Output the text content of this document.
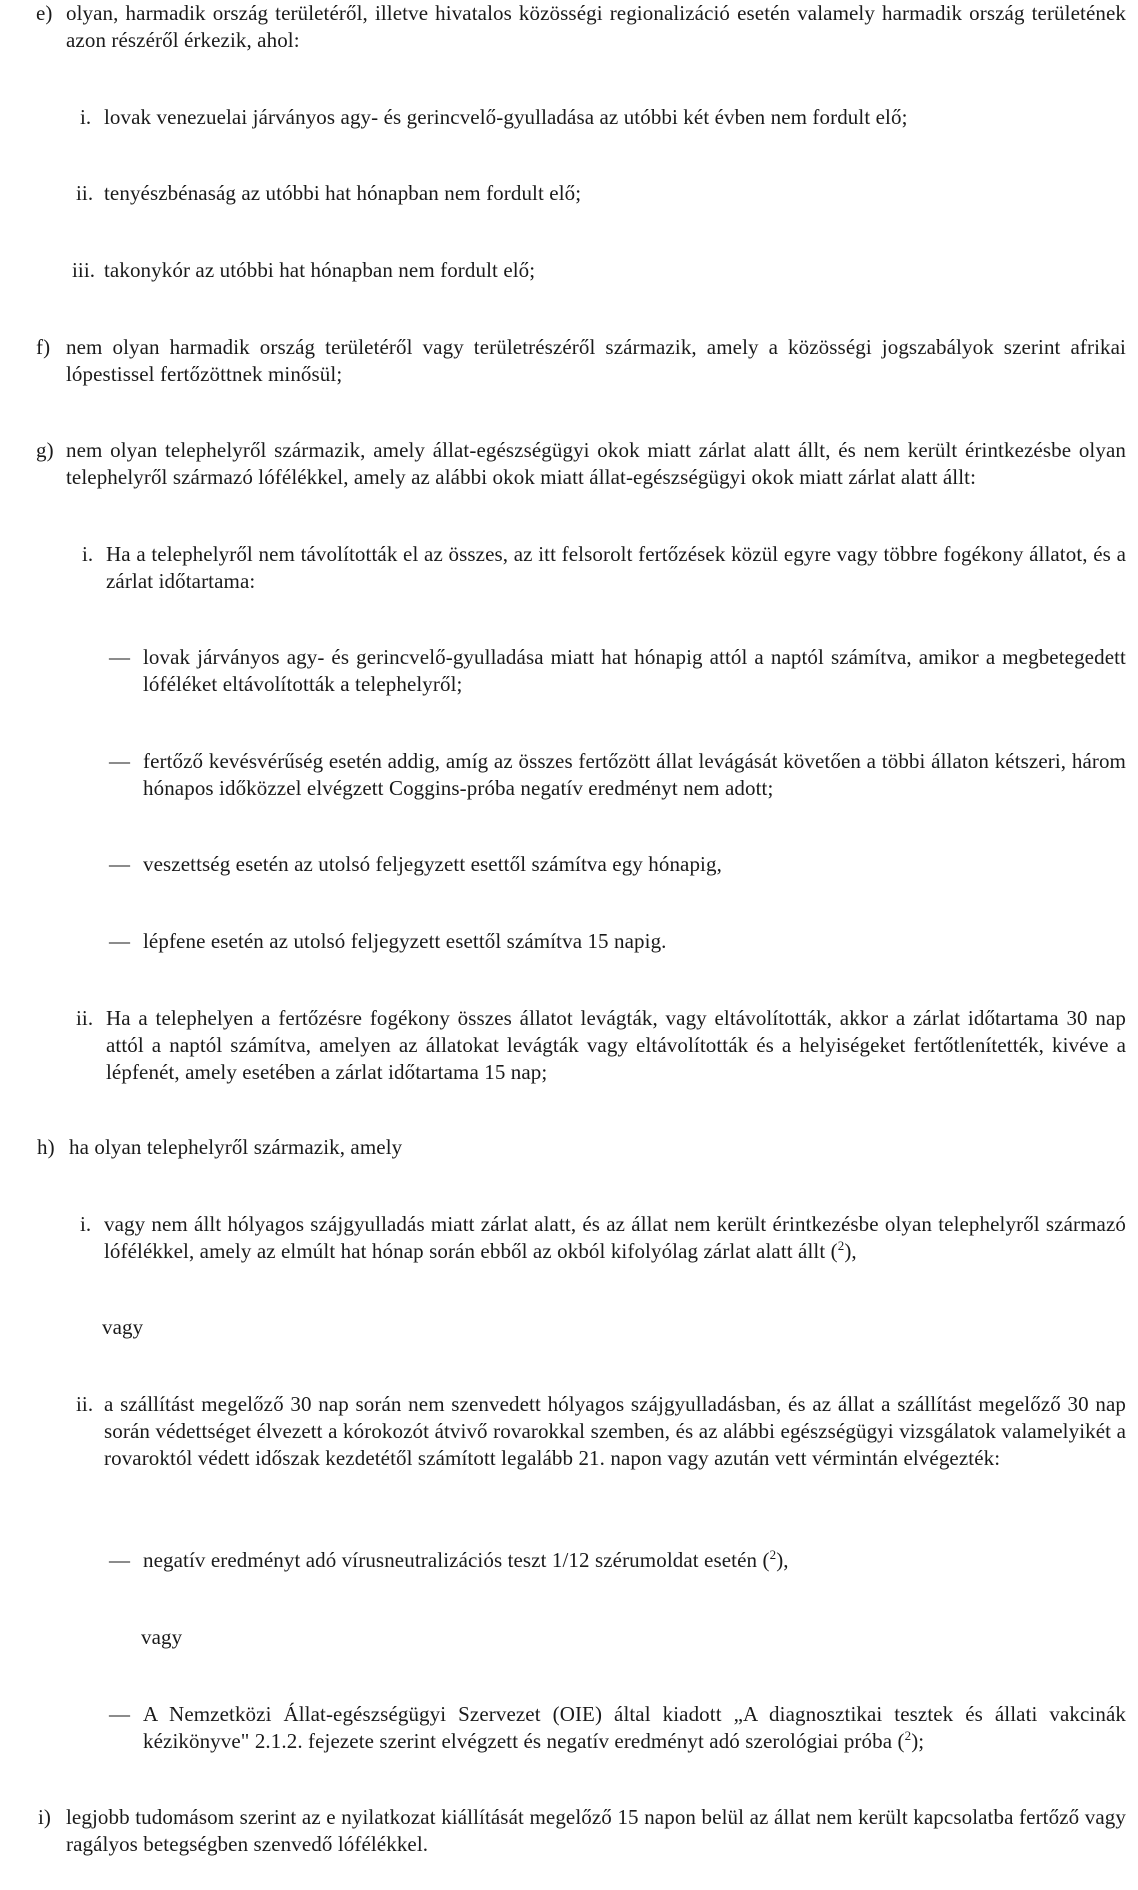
e) olyan, harmadik ország területéről, illetve hivatalos közösségi regionalizáció esetén valamely harmadik ország területének azon részéről érkezik, ahol:
i. lovak venezuelai járványos agy- és gerincvelő-gyulladása az utóbbi két évben nem fordult elő;
ii. tenyészbénaság az utóbbi hat hónapban nem fordult elő;
iii. takonykór az utóbbi hat hónapban nem fordult elő;
f) nem olyan harmadik ország területéről vagy területrészéről származik, amely a közösségi jogszabályok szerint afrikai lópestissel fertőzöttnek minősül;
g) nem olyan telephelyről származik, amely állat-egészségügyi okok miatt zárlat alatt állt, és nem került érintkezésbe olyan telephelyről származó lófélékkel, amely az alábbi okok miatt állat-egészségügyi okok miatt zárlat alatt állt:
i. Ha a telephelyről nem távolították el az összes, az itt felsorolt fertőzések közül egyre vagy többre fogékony állatot, és a zárlat időtartama:
— lovak járványos agy- és gerincvelő-gyulladása miatt hat hónapig attól a naptól számítva, amikor a megbetegedett lóféléket eltávolították a telephelyről;
— fertőző kevésvérűség esetén addig, amíg az összes fertőzött állat levágását követően a többi állaton kétszeri, három hónapos időközzel elvégzett Coggins-próba negatív eredményt nem adott;
— veszettség esetén az utolsó feljegyzett esettől számítva egy hónapig,
— lépfene esetén az utolsó feljegyzett esettől számítva 15 napig.
ii. Ha a telephelyen a fertőzésre fogékony összes állatot levágták, vagy eltávolították, akkor a zárlat időtartama 30 nap attól a naptól számítva, amelyen az állatokat levágták vagy eltávolították és a helyiségeket fertőtlenítették, kivéve a lépfenét, amely esetében a zárlat időtartama 15 nap;
h) ha olyan telephelyről származik, amely
i. vagy nem állt hólyagos szájgyulladás miatt zárlat alatt, és az állat nem került érintkezésbe olyan telephelyről származó lófélékkel, amely az elmúlt hat hónap során ebből az okból kifolyólag zárlat alatt állt ($^2$),
vagy
ii. a szállítást megelőző 30 nap során nem szenvedett hólyagos szájgyulladásban, és az állat a szállítást megelőző 30 nap során védettséget élvezett a kórokozót átvivő rovarokkal szemben, és az alábbi egészségügyi vizsgálatok valamelyikét a rovaroktól védett időszak kezdetétől számított legalább 21. napon vagy azután vett vérmintán elvégezték:
— negatív eredményt adó vírusneutralizációs teszt 1/12 szérumoldat esetén ($^2$),
vagy
— A Nemzetközi Állat-egészségügyi Szervezet (OIE) által kiadott „A diagnosztikai tesztek és állati vakcinák kézikönyve" 2.1.2. fejezete szerint elvégzett és negatív eredményt adó szerológiai próba ($^2$);
i) legjobb tudomásom szerint az e nyilatkozat kiállítását megelőző 15 napon belül az állat nem került kapcsolatba fertőző vagy ragályos betegségben szenvedő lófélékkel.
